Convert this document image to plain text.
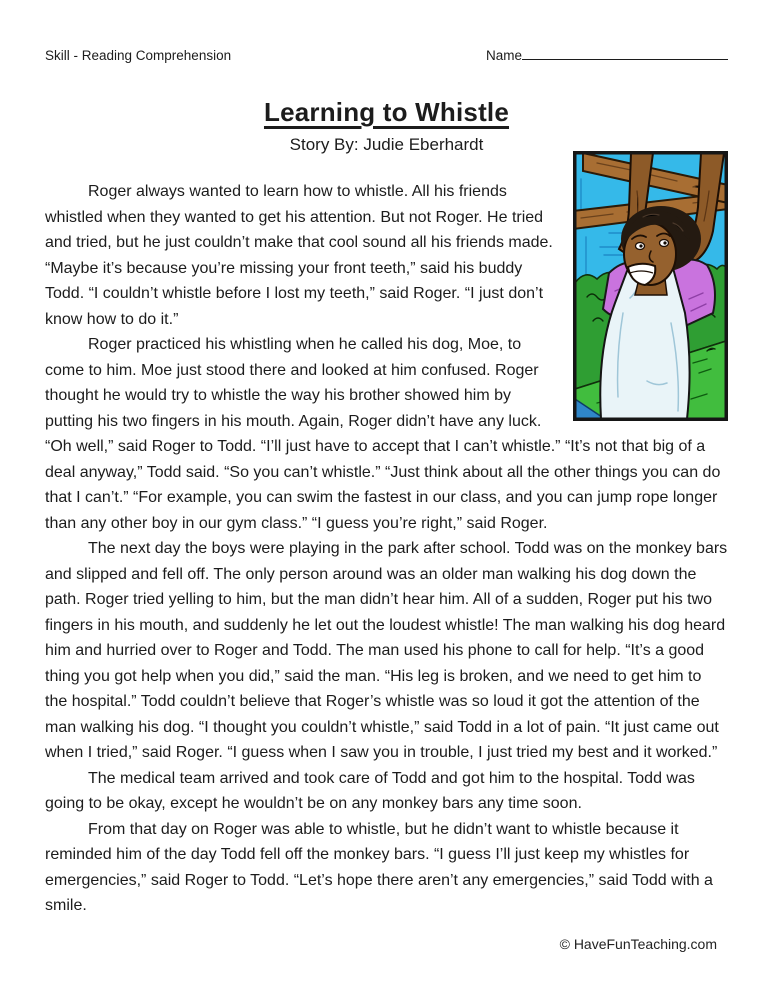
Skill - Reading Comprehension	Name
Learning to Whistle
Story By: Judie Eberhardt

Roger always wanted to learn how to whistle. All his friends whistled when they wanted to get his attention. But not Roger. He tried and tried, but he just couldn’t make that cool sound all his friends made. “Maybe it’s because you’re missing your front teeth,” said his buddy Todd. “I couldn’t whistle before I lost my teeth,” said Roger. “I just don’t know how to do it.”

Roger practiced his whistling when he called his dog, Moe, to come to him. Moe just stood there and looked at him confused. Roger thought he would try to whistle the way his brother showed him by putting his two fingers in his mouth. Again, Roger didn’t have any luck. “Oh well,” said Roger to Todd. “I’ll just have to accept that I can’t whistle.” “It’s not that big of a deal anyway,” Todd said. “So you can’t whistle.” “Just think about all the other things you can do that I can’t.” “For example, you can swim the fastest in our class, and you can jump rope longer than any other boy in our gym class.” “I guess you’re right,” said Roger.

The next day the boys were playing in the park after school. Todd was on the monkey bars and slipped and fell off. The only person around was an older man walking his dog down the path. Roger tried yelling to him, but the man didn’t hear him. All of a sudden, Roger put his two fingers in his mouth, and suddenly he let out the loudest whistle! The man walking his dog heard him and hurried over to Roger and Todd. The man used his phone to call for help. “It’s a good thing you got help when you did,” said the man. “His leg is broken, and we need to get him to the hospital.” Todd couldn’t believe that Roger’s whistle was so loud it got the attention of the man walking his dog. “I thought you couldn’t whistle,” said Todd in a lot of pain. “It just came out when I tried,” said Roger. “I guess when I saw you in trouble, I just tried my best and it worked.”

The medical team arrived and took care of Todd and got him to the hospital. Todd was going to be okay, except he wouldn’t be on any monkey bars any time soon.

From that day on Roger was able to whistle, but he didn’t want to whistle because it reminded him of the day Todd fell off the monkey bars. “I guess I’ll just keep my whistles for emergencies,” said Roger to Todd. “Let’s hope there aren’t any emergencies,” said Todd with a smile.

© HaveFunTeaching.com
